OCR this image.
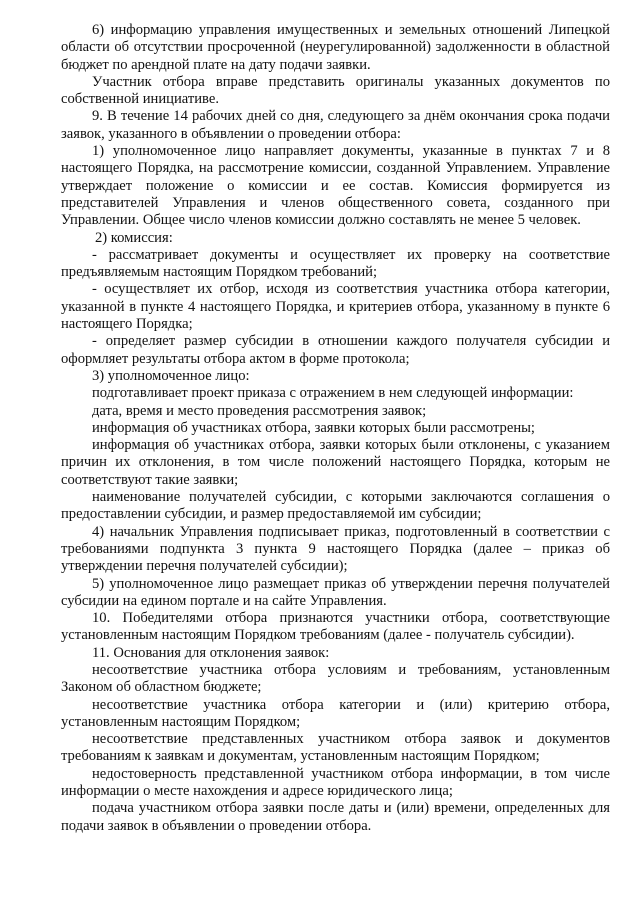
6) информацию управления имущественных и земельных отношений Липецкой области об отсутствии просроченной (неурегулированной) задолженности в областной бюджет по арендной плате на дату подачи заявки.

Участник отбора вправе представить оригиналы указанных документов по собственной инициативе.

9. В течение 14 рабочих дней со дня, следующего за днём окончания срока подачи заявок, указанного в объявлении о проведении отбора:

1) уполномоченное лицо направляет документы, указанные в пунктах 7 и 8 настоящего Порядка, на рассмотрение комиссии, созданной Управлением. Управление утверждает положение о комиссии и ее состав. Комиссия формируется из представителей Управления и членов общественного совета, созданного при Управлении. Общее число членов комиссии должно составлять не менее 5 человек.

2) комиссия:

- рассматривает документы и осуществляет их проверку на соответствие предъявляемым настоящим Порядком требований;

- осуществляет их отбор, исходя из соответствия участника отбора категории, указанной в пункте 4 настоящего Порядка, и критериев отбора, указанному в пункте 6 настоящего Порядка;

- определяет размер субсидии в отношении каждого получателя субсидии и оформляет результаты отбора актом в форме протокола;

3) уполномоченное лицо:

подготавливает проект приказа с отражением в нем следующей информации:

дата, время и место проведения рассмотрения заявок;

информация об участниках отбора, заявки которых были рассмотрены;

информация об участниках отбора, заявки которых были отклонены, с указанием причин их отклонения, в том числе положений настоящего Порядка, которым не соответствуют такие заявки;

наименование получателей субсидии, с которыми заключаются соглашения о предоставлении субсидии, и размер предоставляемой им субсидии;

4) начальник Управления подписывает приказ, подготовленный в соответствии с требованиями подпункта 3 пункта 9 настоящего Порядка (далее – приказ об утверждении перечня получателей субсидии);

5) уполномоченное лицо размещает приказ об утверждении перечня получателей субсидии на едином портале и на сайте Управления.

10. Победителями отбора признаются участники отбора, соответствующие установленным настоящим Порядком требованиям (далее - получатель субсидии).

11. Основания для отклонения заявок:

несоответствие участника отбора условиям и требованиям, установленным Законом об областном бюджете;

несоответствие участника отбора категории и (или) критерию отбора, установленным настоящим Порядком;

несоответствие представленных участником отбора заявок и документов требованиям к заявкам и документам, установленным настоящим Порядком;

недостоверность представленной участником отбора информации, в том числе информации о месте нахождения и адресе юридического лица;

подача участником отбора заявки после даты и (или) времени, определенных для подачи заявок в объявлении о проведении отбора.
